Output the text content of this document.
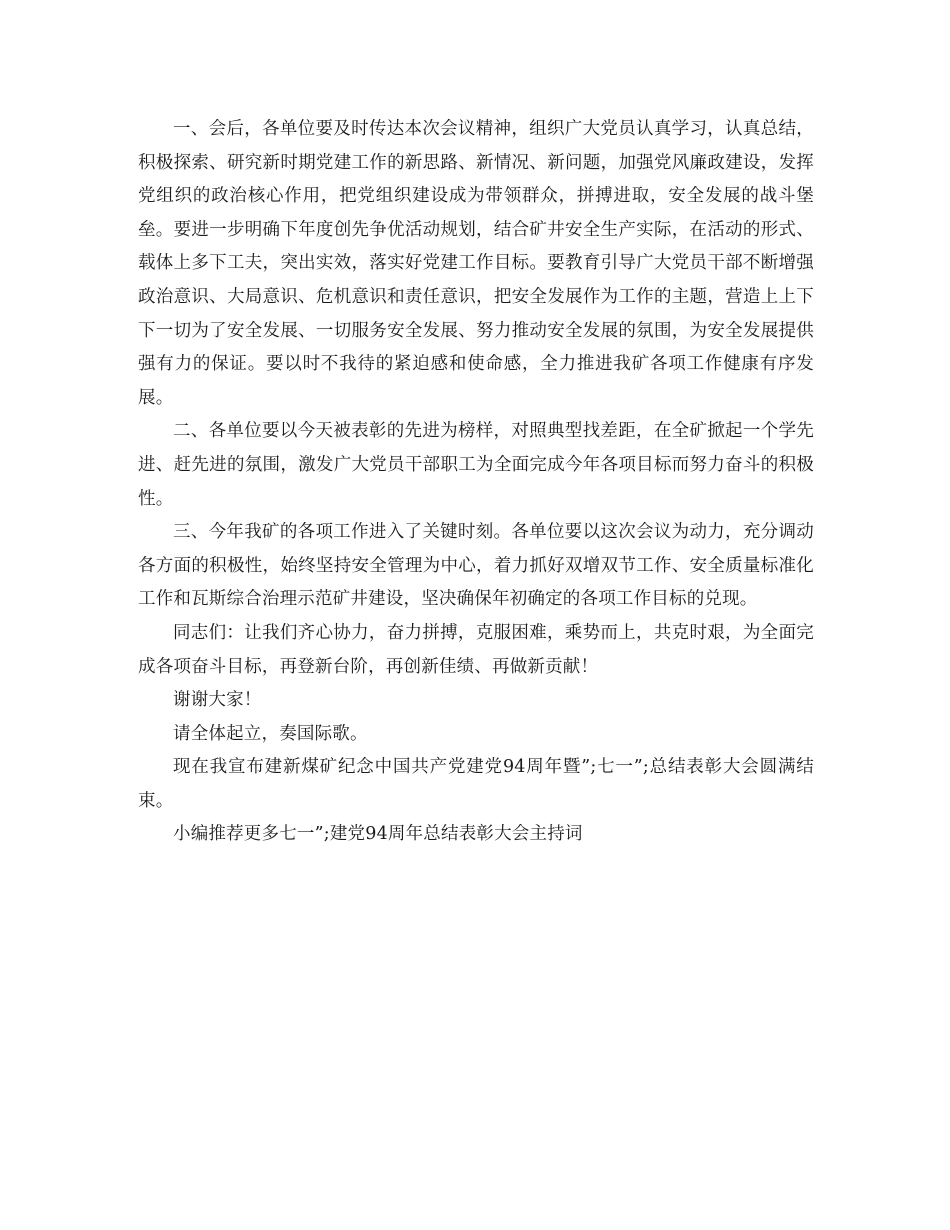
一、会后，各单位要及时传达本次会议精神，组织广大党员认真学习，认真总结，积极探索、研究新时期党建工作的新思路、新情况、新问题，加强党风廉政建设，发挥党组织的政治核心作用，把党组织建设成为带领群众，拼搏进取，安全发展的战斗堡垒。要进一步明确下年度创先争优活动规划，结合矿井安全生产实际，在活动的形式、载体上多下工夫，突出实效，落实好党建工作目标。要教育引导广大党员干部不断增强政治意识、大局意识、危机意识和责任意识，把安全发展作为工作的主题，营造上上下下一切为了安全发展、一切服务安全发展、努力推动安全发展的氛围，为安全发展提供强有力的保证。要以时不我待的紧迫感和使命感，全力推进我矿各项工作健康有序发展。

二、各单位要以今天被表彰的先进为榜样，对照典型找差距，在全矿掀起一个学先进、赶先进的氛围，激发广大党员干部职工为全面完成今年各项目标而努力奋斗的积极性。

三、今年我矿的各项工作进入了关键时刻。各单位要以这次会议为动力，充分调动各方面的积极性，始终坚持安全管理为中心，着力抓好双增双节工作、安全质量标准化工作和瓦斯综合治理示范矿井建设，坚决确保年初确定的各项工作目标的兑现。

同志们：让我们齐心协力，奋力拼搏，克服困难，乘势而上，共克时艰，为全面完成各项奋斗目标，再登新台阶，再创新佳绩、再做新贡献！

谢谢大家！

请全体起立，奏国际歌。

现在我宣布建新煤矿纪念中国共产党建党94周年暨”;七一”;总结表彰大会圆满结束。

小编推荐更多七一”;建党94周年总结表彰大会主持词
